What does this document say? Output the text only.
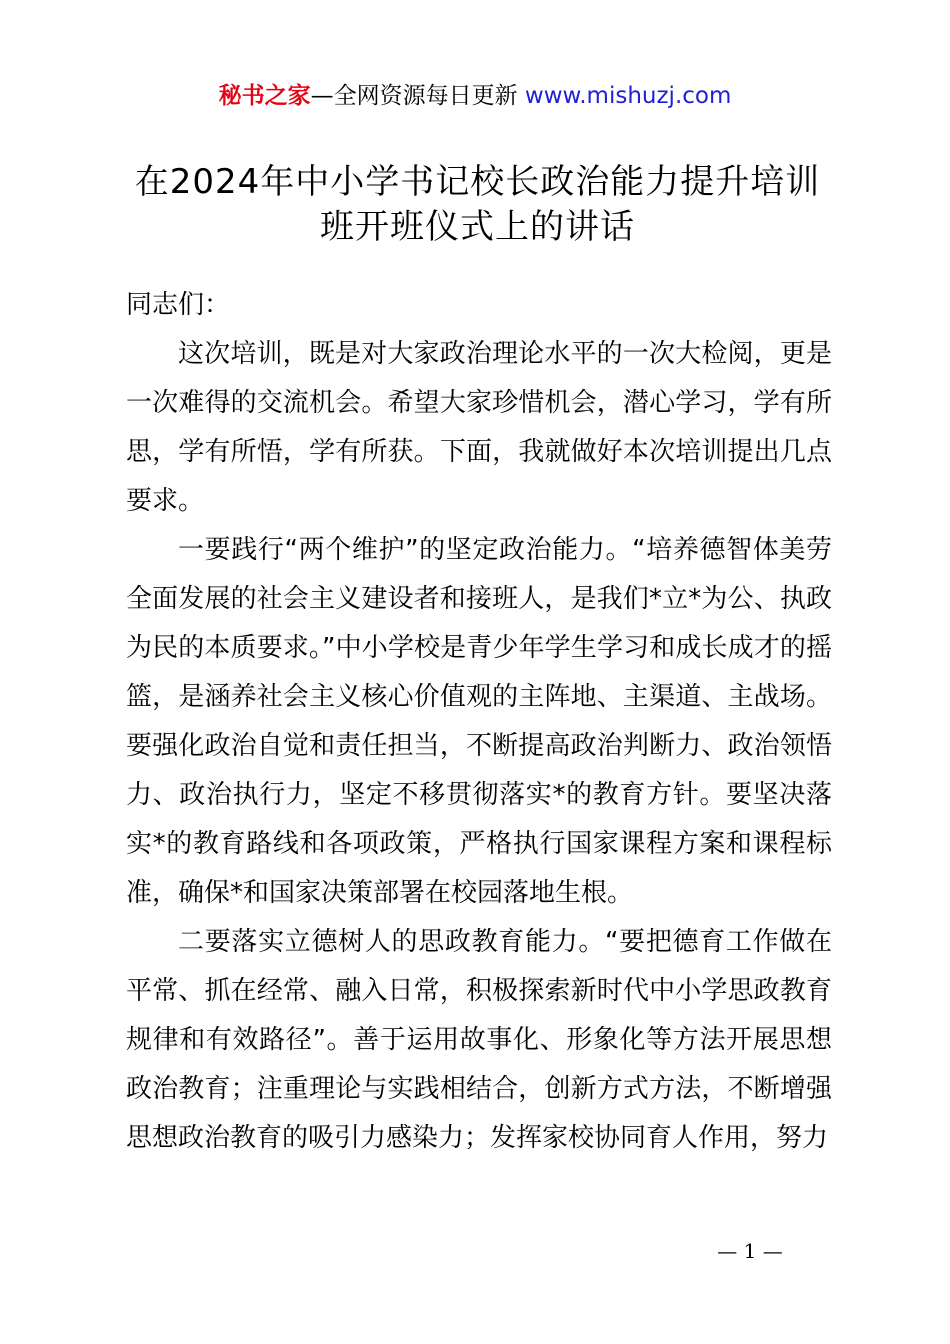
秘书之家—全网资源每日更新 www.mishuzj.com
在2024年中小学书记校长政治能力提升培训班开班仪式上的讲话

同志们：

这次培训，既是对大家政治理论水平的一次大检阅，更是一次难得的交流机会。希望大家珍惜机会，潜心学习，学有所思，学有所悟，学有所获。下面，我就做好本次培训提出几点要求。

一要践行“两个维护”的坚定政治能力。“培养德智体美劳全面发展的社会主义建设者和接班人，是我们*立*为公、执政为民的本质要求。”中小学校是青少年学生学习和成长成才的摇篮，是涵养社会主义核心价值观的主阵地、主渠道、主战场。要强化政治自觉和责任担当，不断提高政治判断力、政治领悟力、政治执行力，坚定不移贯彻落实*的教育方针。要坚决落实*的教育路线和各项政策，严格执行国家课程方案和课程标准，确保*和国家决策部署在校园落地生根。

二要落实立德树人的思政教育能力。“要把德育工作做在平常、抓在经常、融入日常，积极探索新时代中小学思政教育规律和有效路径”。善于运用故事化、形象化等方法开展思想政治教育；注重理论与实践相结合，创新方式方法，不断增强思想政治教育的吸引力感染力；发挥家校协同育人作用，努力

— 1 —
